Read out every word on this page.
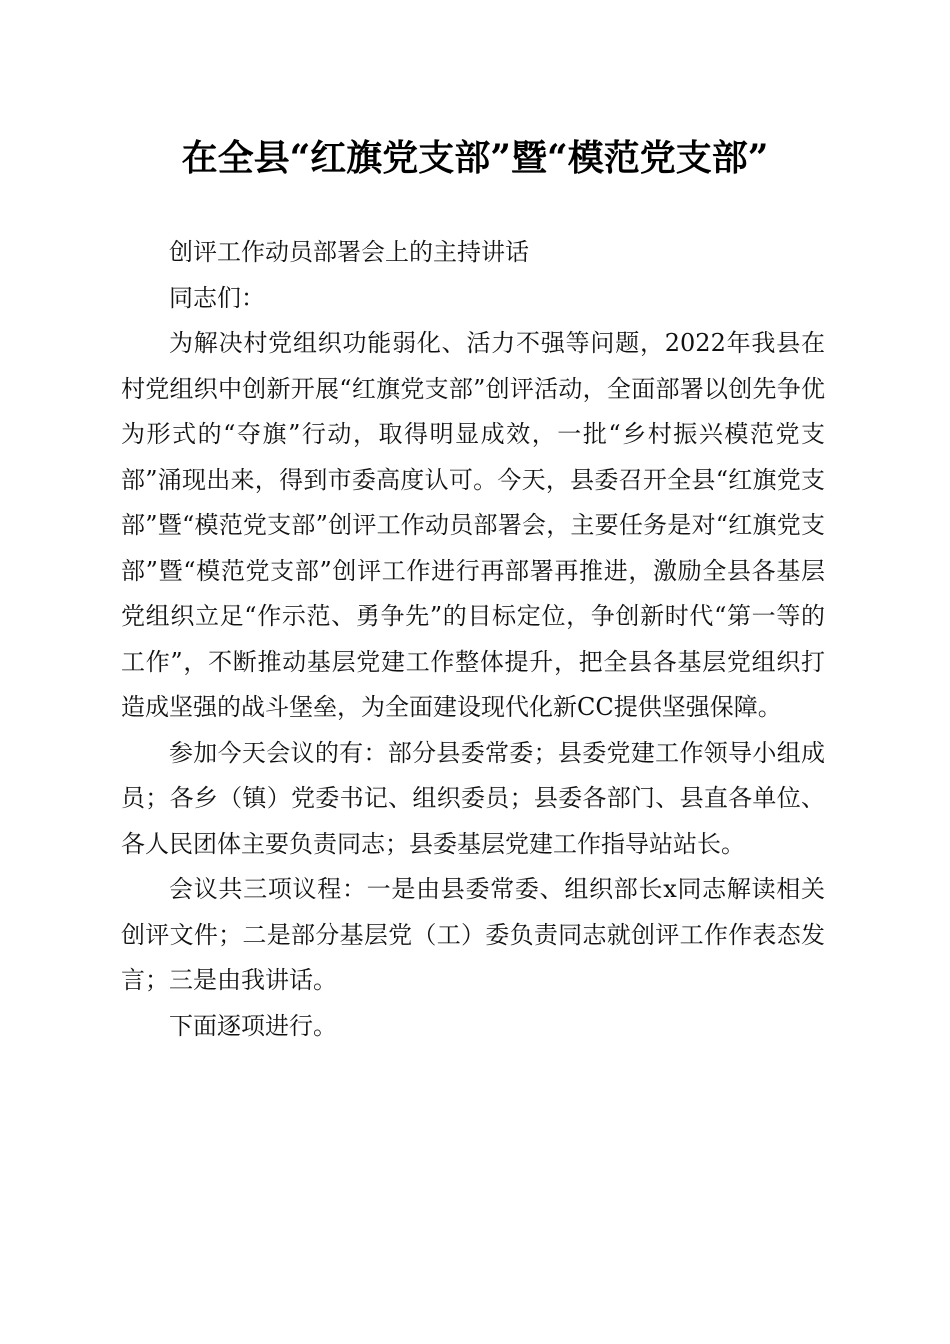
在全县“红旗党支部”暨“模范党支部”

创评工作动员部署会上的主持讲话

同志们：

为解决村党组织功能弱化、活力不强等问题，2022年我县在村党组织中创新开展“红旗党支部”创评活动，全面部署以创先争优为形式的“夺旗”行动，取得明显成效，一批“乡村振兴模范党支部”涌现出来，得到市委高度认可。今天，县委召开全县“红旗党支部”暨“模范党支部”创评工作动员部署会，主要任务是对“红旗党支部”暨“模范党支部”创评工作进行再部署再推进，激励全县各基层党组织立足“作示范、勇争先”的目标定位，争创新时代“第一等的工作”，不断推动基层党建工作整体提升，把全县各基层党组织打造成坚强的战斗堡垒，为全面建设现代化新CC提供坚强保障。

参加今天会议的有：部分县委常委；县委党建工作领导小组成员；各乡（镇）党委书记、组织委员；县委各部门、县直各单位、各人民团体主要负责同志；县委基层党建工作指导站站长。

会议共三项议程：一是由县委常委、组织部长x同志解读相关创评文件；二是部分基层党（工）委负责同志就创评工作作表态发言；三是由我讲话。

下面逐项进行。
